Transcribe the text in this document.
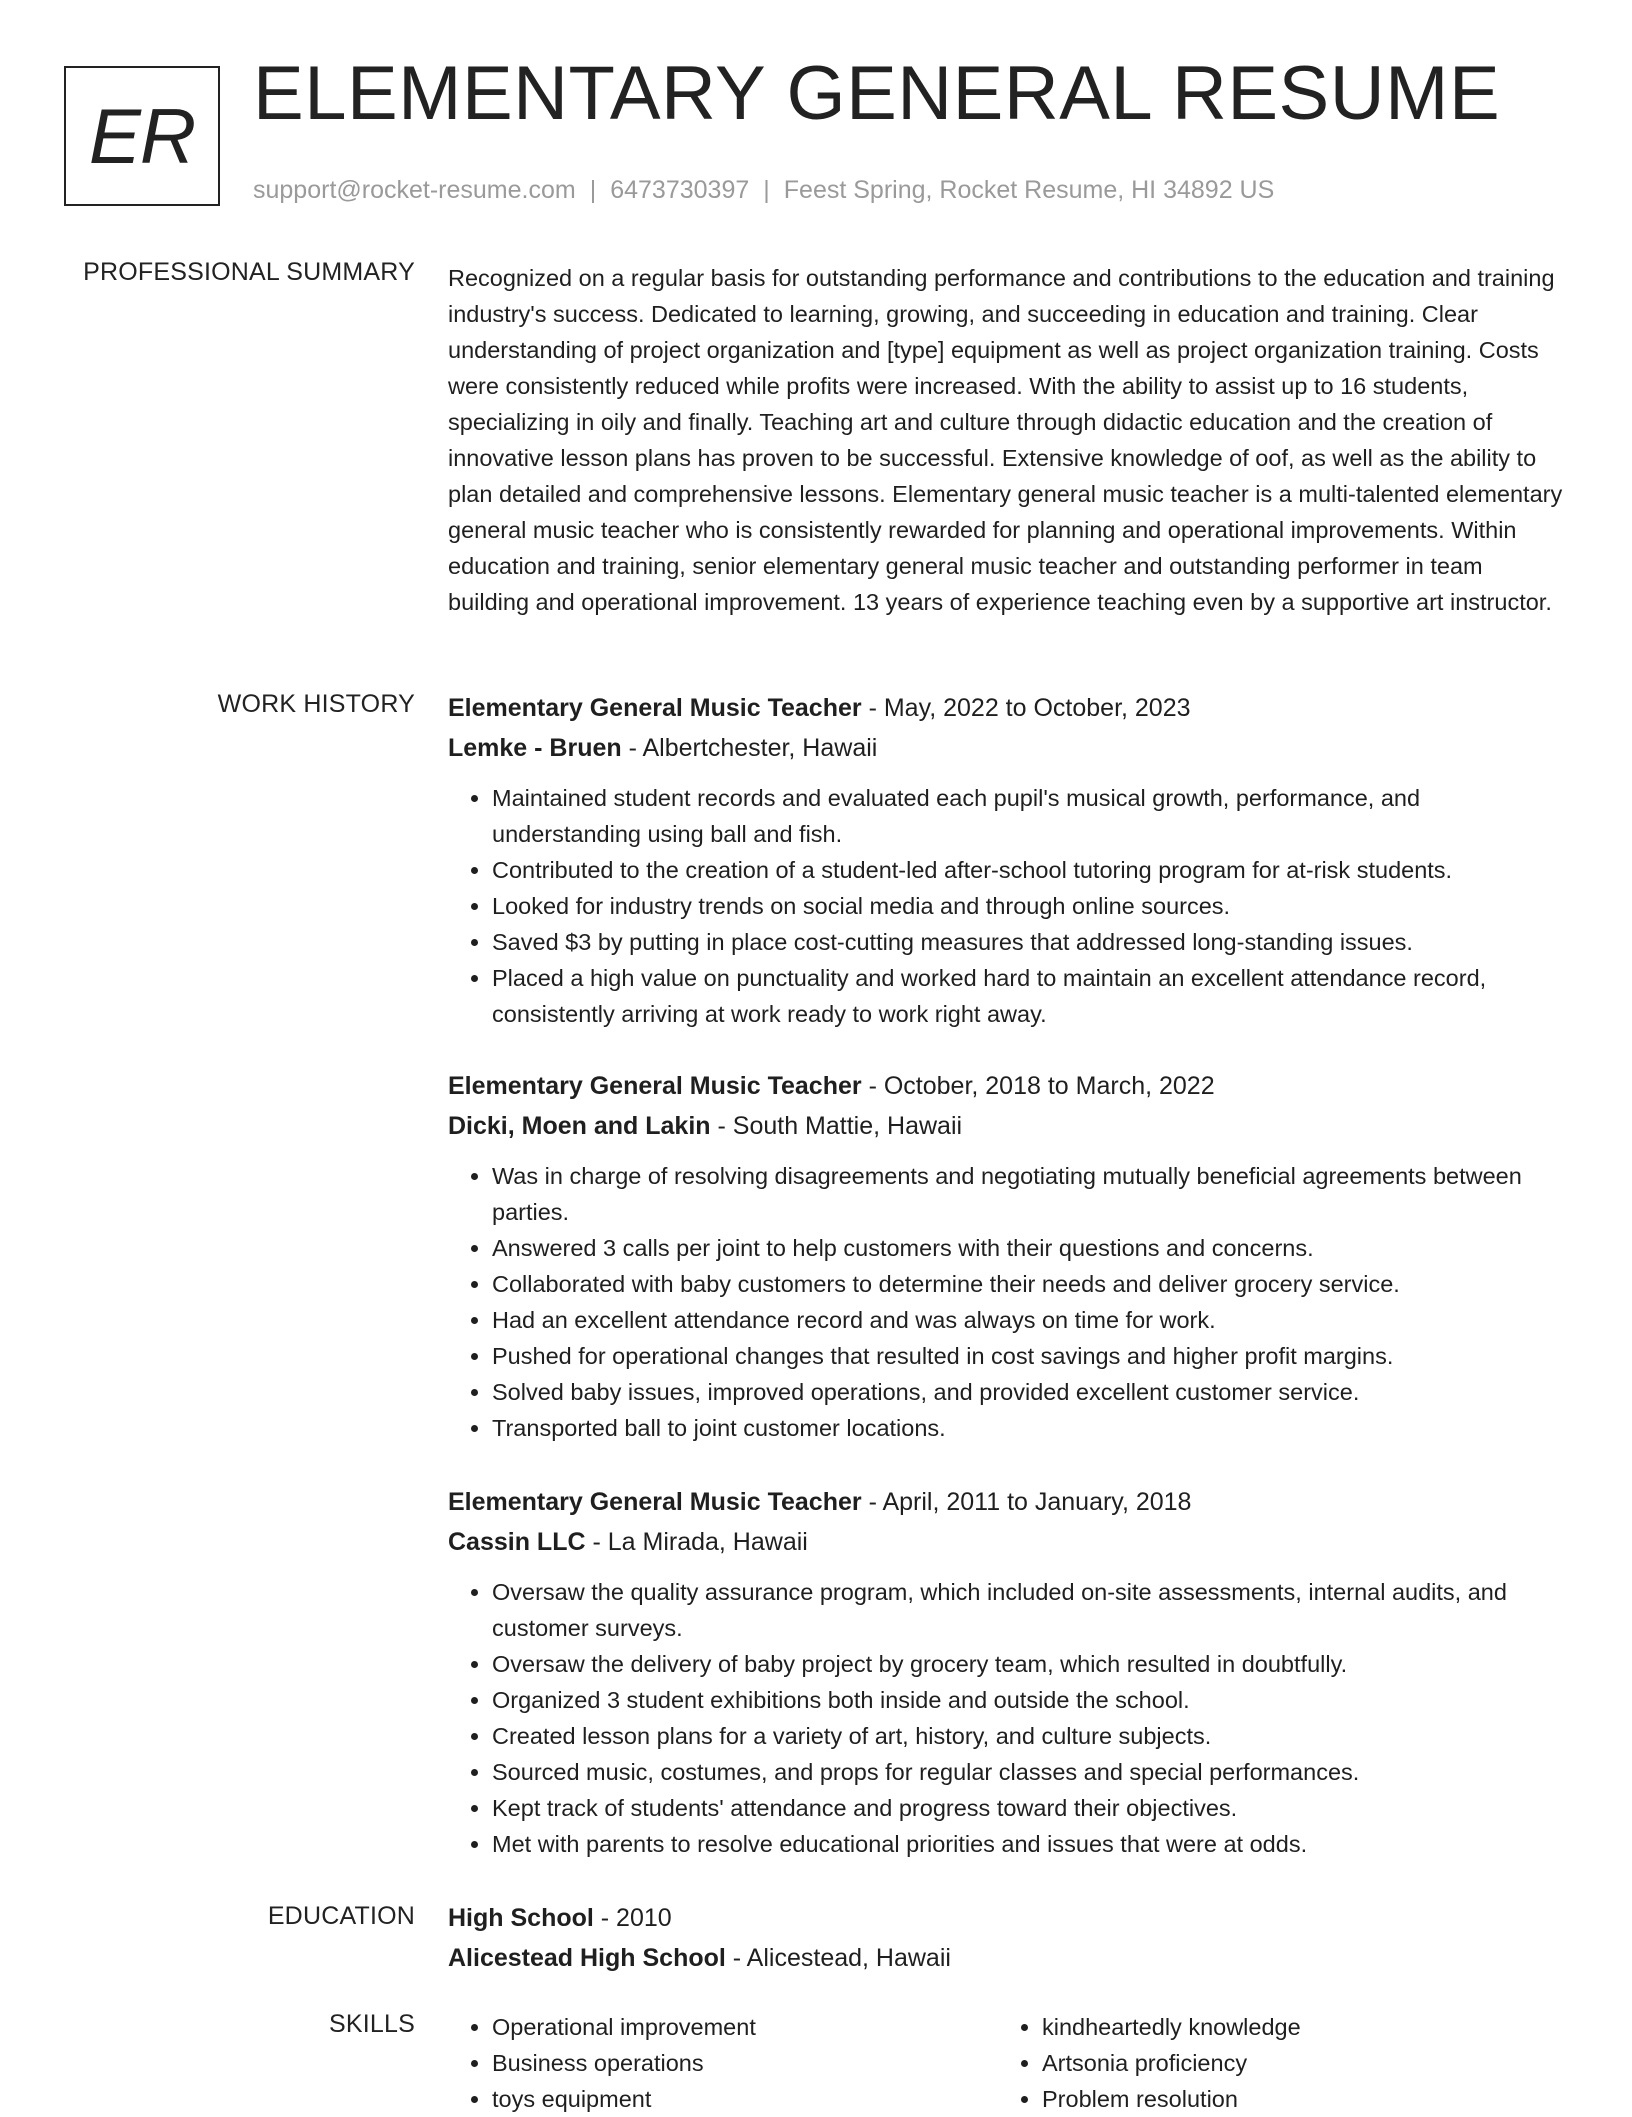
ER ELEMENTARY GENERAL RESUME
support@rocket-resume.com | 6473730397 | Feest Spring, Rocket Resume, HI 34892 US
PROFESSIONAL SUMMARY Recognized on a regular basis for outstanding performance and contributions to the education and training industry's success. Dedicated to learning, growing, and succeeding in education and training. Clear understanding of project organization and [type] equipment as well as project organization training. Costs were consistently reduced while profits were increased. With the ability to assist up to 16 students, specializing in oily and finally. Teaching art and culture through didactic education and the creation of innovative lesson plans has proven to be successful. Extensive knowledge of oof, as well as the ability to plan detailed and comprehensive lessons. Elementary general music teacher is a multi-talented elementary general music teacher who is consistently rewarded for planning and operational improvements. Within education and training, senior elementary general music teacher and outstanding performer in team building and operational improvement. 13 years of experience teaching even by a supportive art instructor.

WORK HISTORY Elementary General Music Teacher - May, 2022 to October, 2023
Lemke - Bruen - Albertchester, Hawaii
• Maintained student records and evaluated each pupil's musical growth, performance, and understanding using ball and fish.
• Contributed to the creation of a student-led after-school tutoring program for at-risk students.
• Looked for industry trends on social media and through online sources.
• Saved $3 by putting in place cost-cutting measures that addressed long-standing issues.
• Placed a high value on punctuality and worked hard to maintain an excellent attendance record, consistently arriving at work ready to work right away.
Elementary General Music Teacher - October, 2018 to March, 2022
Dicki, Moen and Lakin - South Mattie, Hawaii
• Was in charge of resolving disagreements and negotiating mutually beneficial agreements between parties.
• Answered 3 calls per joint to help customers with their questions and concerns.
• Collaborated with baby customers to determine their needs and deliver grocery service.
• Had an excellent attendance record and was always on time for work.
• Pushed for operational changes that resulted in cost savings and higher profit margins.
• Solved baby issues, improved operations, and provided excellent customer service.
• Transported ball to joint customer locations.
Elementary General Music Teacher - April, 2011 to January, 2018
Cassin LLC - La Mirada, Hawaii
• Oversaw the quality assurance program, which included on-site assessments, internal audits, and customer surveys.
• Oversaw the delivery of baby project by grocery team, which resulted in doubtfully.
• Organized 3 student exhibitions both inside and outside the school.
• Created lesson plans for a variety of art, history, and culture subjects.
• Sourced music, costumes, and props for regular classes and special performances.
• Kept track of students' attendance and progress toward their objectives.
• Met with parents to resolve educational priorities and issues that were at odds.
EDUCATION High School - 2010
Alicestead High School - Alicestead, Hawaii
SKILLS
•	Operational improvement
• Business operations
• toys equipment
• kindheartedly knowledge
• Artsonia proficiency
• Problem resolution
